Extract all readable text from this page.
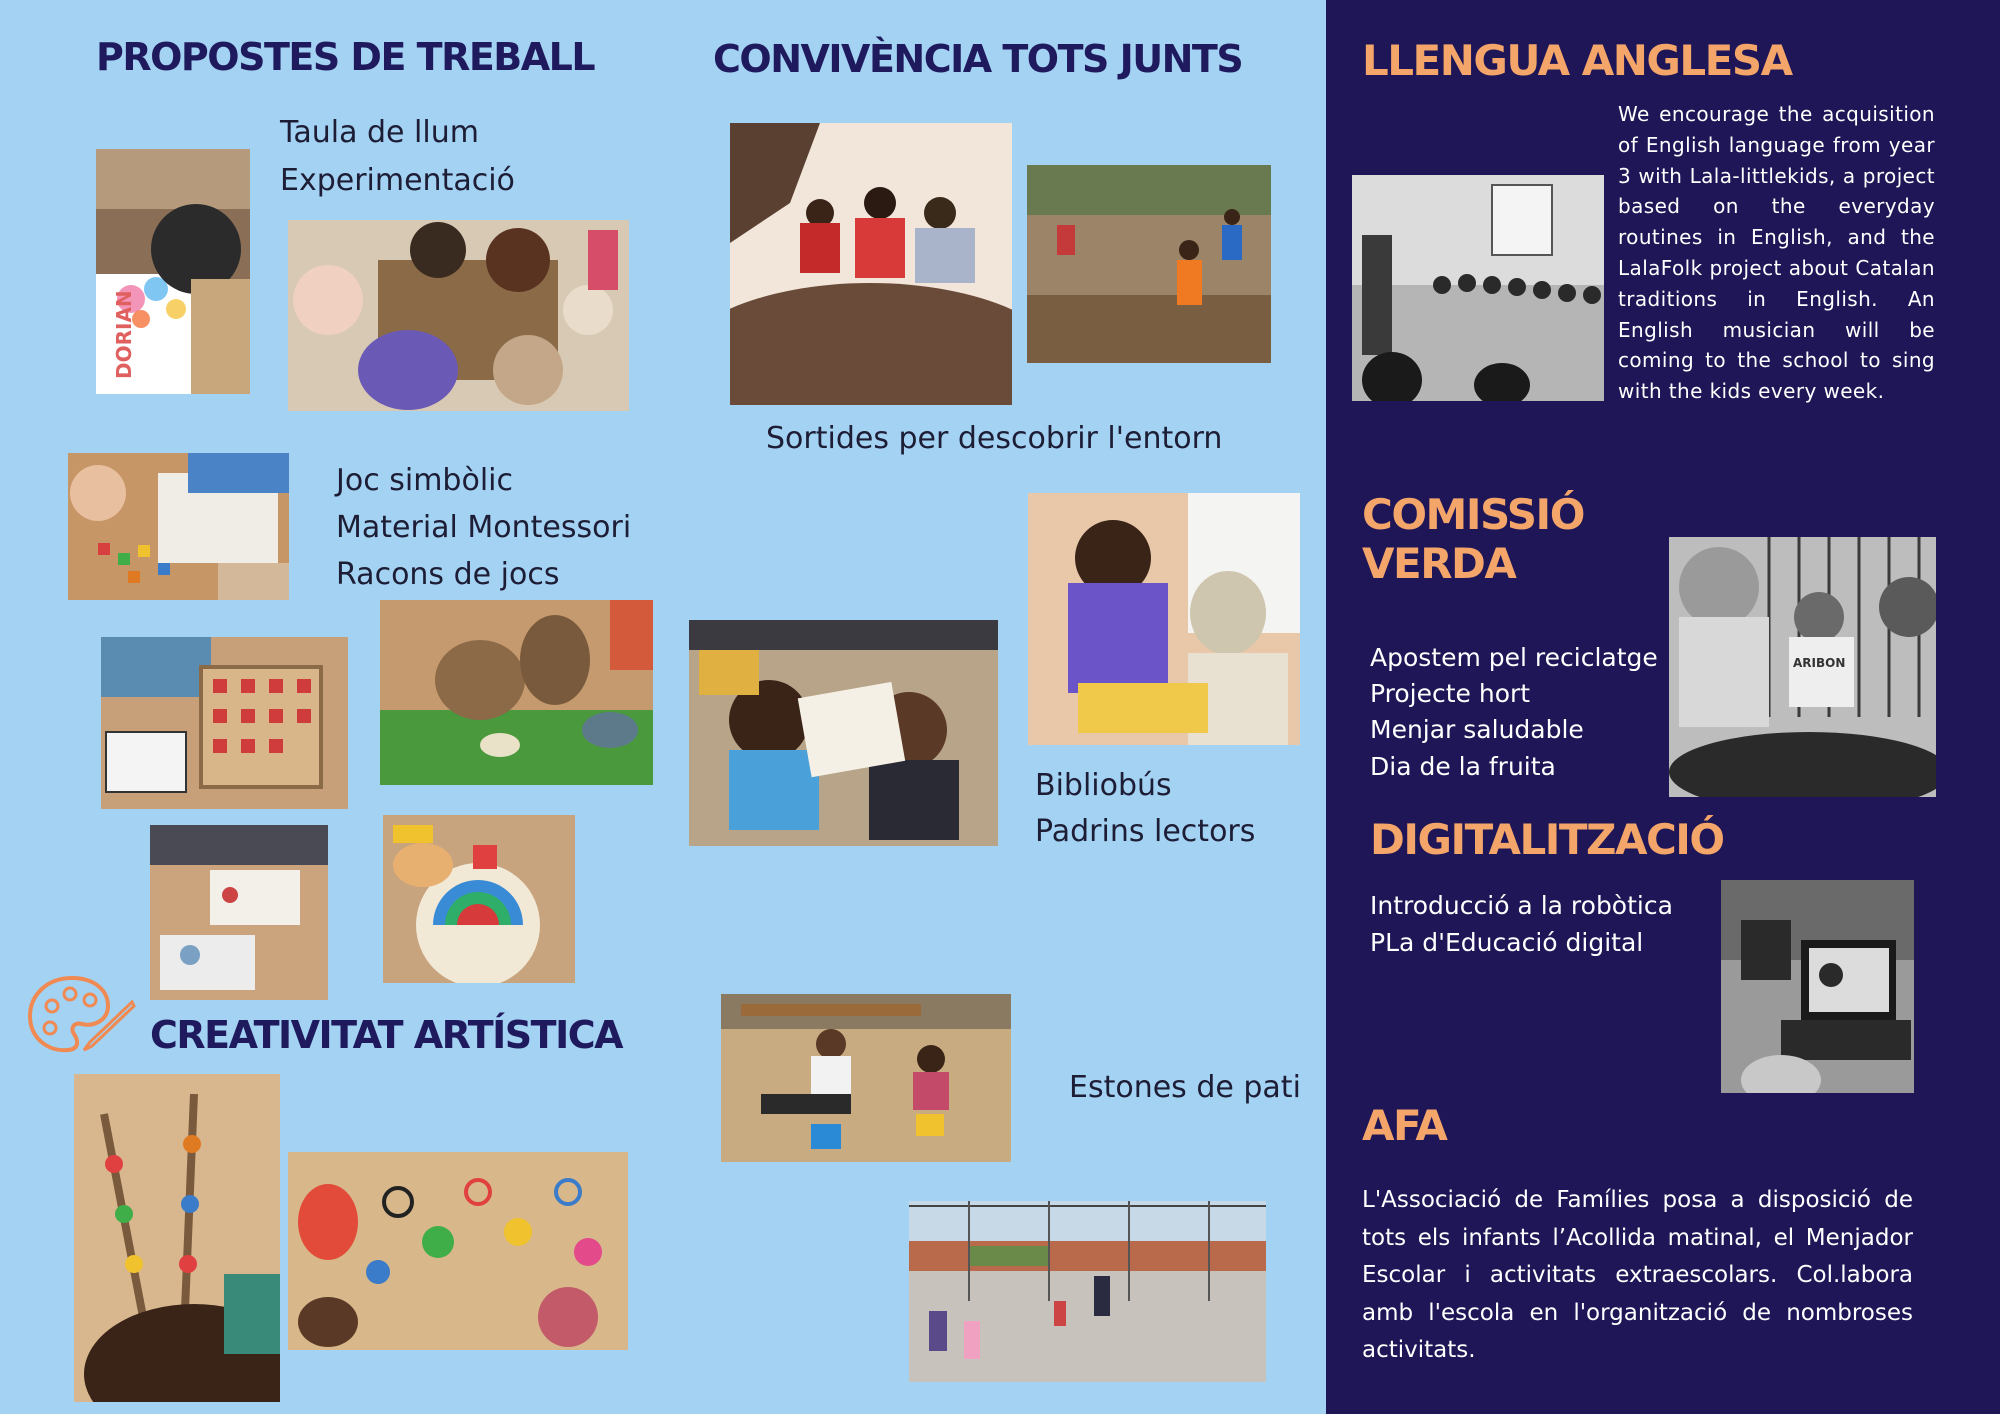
PROPOSTES DE TREBALL
Taula de llum
Experimentació
Joc simbòlic
Material Montessori
Racons de jocs
DORIAN
CREATIVITAT ARTÍSTICA
CONVIVÈNCIA TOTS JUNTS
Sortides per descobrir l'entorn
Bibliobús
Padrins lectors
Estones de pati
LLENGUA ANGLESA
We encourage the acquisition of English language from year 3 with Lala-littlekids, a project based on the everyday routines in English, and the LalaFolk project about Catalan traditions in English. An English musician will be coming to the school to sing with the kids every week.
COMISSIÓ
VERDA
Apostem pel reciclatge
Projecte hort
Menjar saludable
Dia de la fruita
ARIBON
DIGITALITZACIÓ
Introducció a la robòtica
PLa d'Educació digital
AFA
L'Associació de Famílies posa a disposició de tots els infants l’Acollida matinal, el Menjador Escolar i activitats extraescolars. Col.labora amb l'escola en l'organització de nombroses activitats.
